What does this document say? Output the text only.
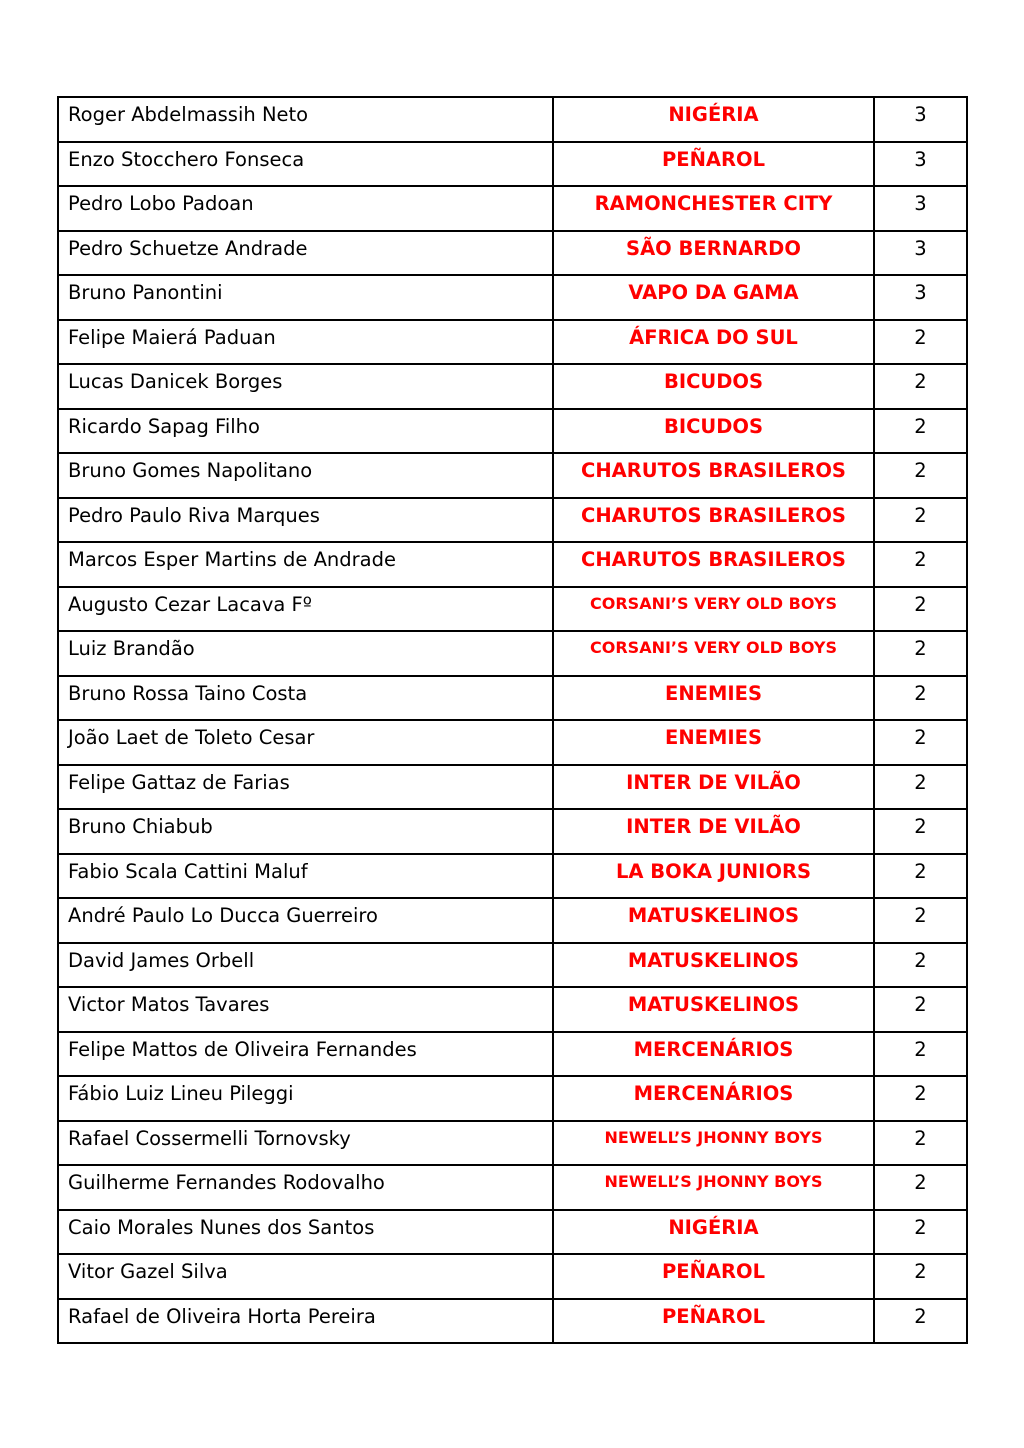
Roger Abdelmassih Neto	NIGÉRIA	3
Enzo Stocchero Fonseca	PEÑAROL	3
Pedro Lobo Padoan	RAMONCHESTER CITY	3
Pedro Schuetze Andrade	SÃO BERNARDO	3
Bruno Panontini	VAPO DA GAMA	3
Felipe Maierá Paduan	ÁFRICA DO SUL	2
Lucas Danicek Borges	BICUDOS	2
Ricardo Sapag Filho	BICUDOS	2
Bruno Gomes Napolitano	CHARUTOS BRASILEROS	2
Pedro Paulo Riva Marques	CHARUTOS BRASILEROS	2
Marcos Esper Martins de Andrade	CHARUTOS BRASILEROS	2
Augusto Cezar Lacava Fº	CORSANI’S VERY OLD BOYS	2
Luiz Brandão	CORSANI’S VERY OLD BOYS	2
Bruno Rossa Taino Costa	ENEMIES	2
João Laet de Toleto Cesar	ENEMIES	2
Felipe Gattaz de Farias	INTER DE VILÃO	2
Bruno Chiabub	INTER DE VILÃO	2
Fabio Scala Cattini Maluf	LA BOKA JUNIORS	2
André Paulo Lo Ducca Guerreiro	MATUSKELINOS	2
David James Orbell	MATUSKELINOS	2
Victor Matos Tavares	MATUSKELINOS	2
Felipe Mattos de Oliveira Fernandes	MERCENÁRIOS	2
Fábio Luiz Lineu Pileggi	MERCENÁRIOS	2
Rafael Cossermelli Tornovsky	NEWELL’S JHONNY BOYS	2
Guilherme Fernandes Rodovalho	NEWELL’S JHONNY BOYS	2
Caio Morales Nunes dos Santos	NIGÉRIA	2
Vitor Gazel Silva	PEÑAROL	2
Rafael de Oliveira Horta Pereira	PEÑAROL	2
